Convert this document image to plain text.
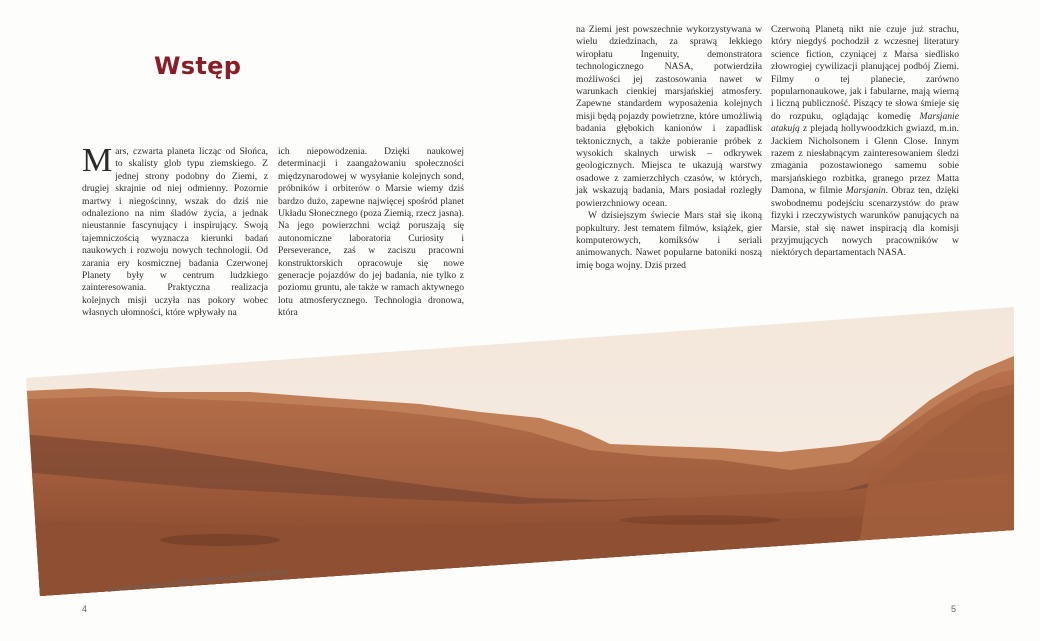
Wstęp

Mars, czwarta planeta licząc od Słońca, to skalisty glob typu ziemskiego. Z jednej strony podobny do Ziemi, z drugiej skrajnie od niej odmienny. Pozornie martwy i niegościnny, wszak do dziś nie odnaleziono na nim śladów życia, a jednak nieustannie fascynujący i inspirujący. Swoją tajemniczością wyznacza kierunki badań naukowych i rozwoju nowych technologii. Od zarania ery kosmicznej badania Czerwonej Planety były w centrum ludzkiego zainteresowania. Praktyczna realizacja kolejnych misji uczyła nas pokory wobec własnych ułomności, które wpływały na

ich niepowodzenia. Dzięki naukowej determinacji i zaangażowaniu społeczności międzynarodowej w wysyłanie kolejnych sond, próbników i orbiterów o Marsie wiemy dziś bardzo dużo, zapewne najwięcej spośród planet Układu Słonecznego (poza Ziemią, rzecz jasna). Na jego powierzchni wciąż poruszają się autonomiczne laboratoria Curiosity i Perseverance, zaś w zaciszu pracowni konstruktorskich opracowuje się nowe generacje pojazdów do jej badania, nie tylko z poziomu gruntu, ale także w ramach aktywnego lotu atmosferycznego. Technologia dronowa, która

na Ziemi jest powszechnie wykorzystywana w wielu dziedzinach, za sprawą lekkiego wiropłatu Ingenuity, demonstratora technologicznego NASA, potwierdziła możliwości jej zastosowania nawet w warunkach cienkiej marsjańskiej atmosfery. Zapewne standardem wyposażenia kolejnych misji będą pojazdy powietrzne, które umożliwią badania głębokich kanionów i zapadlisk tektonicznych, a także pobieranie próbek z wysokich skalnych urwisk – odkrywek geologicznych. Miejsca te ukazują warstwy osadowe z zamierzchłych czasów, w których, jak wskazują badania, Mars posiadał rozległy powierzchniowy ocean.

W dzisiejszym świecie Mars stał się ikoną popkultury. Jest tematem filmów, książek, gier komputerowych, komiksów i seriali animowanych. Nawet popularne batoniki noszą imię boga wojny. Dziś przed

Czerwoną Planetą nikt nie czuje już strachu, który niegdyś pochodził z wczesnej literatury science fiction, czyniącej z Marsa siedlisko złowrogiej cywilizacji planującej podbój Ziemi. Filmy o tej planecie, zarówno popularnonaukowe, jak i fabularne, mają wierną i liczną publiczność. Piszący te słowa śmieje się do rozpuku, oglądając komedię Marsjanie atakują z plejadą hollywoodzkich gwiazd, m.in. Jackiem Nicholsonem i Glenn Close. Innym razem z niesłabnącym zainteresowaniem śledzi zmagania pozostawionego samemu sobie marsjańskiego rozbitka, granego przez Matta Damona, w filmie Marsjanin. Obraz ten, dzięki swobodnemu podejściu scenarzystów do praw fizyki i rzeczywistych warunków panujących na Marsie, stał się nawet inspiracją dla komisji przyjmujących nowych pracowników w niektórych departamentach NASA.

Powierzchnia Marsa na zdjęciu zrobionym przez łazik Curiosity.
4	5
